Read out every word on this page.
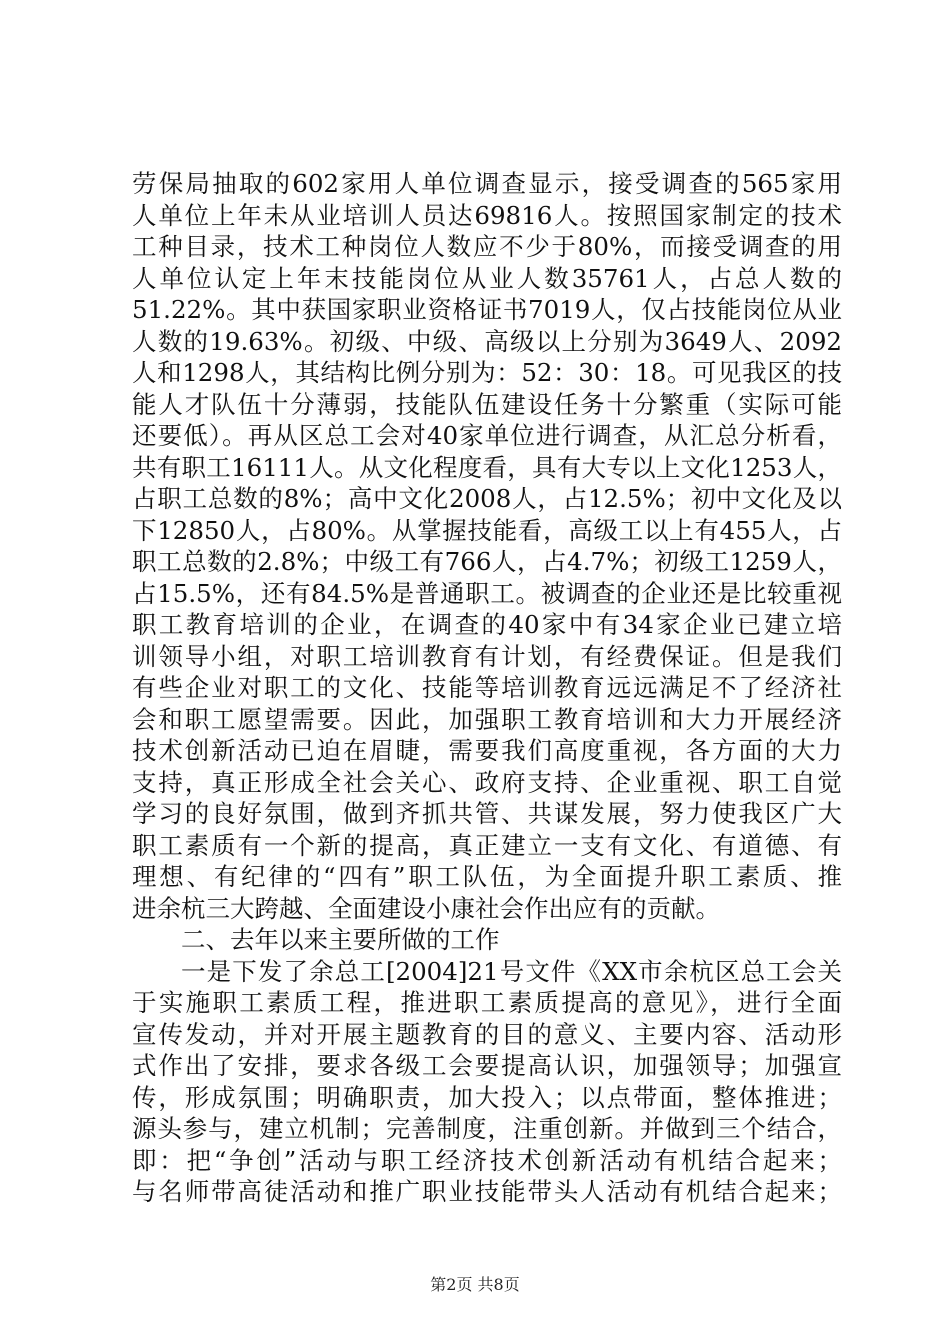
劳保局抽取的602家用人单位调查显示，接受调查的565家用
人单位上年未从业培训人员达69816人。按照国家制定的技术
工种目录，技术工种岗位人数应不少于80%，而接受调查的用
人单位认定上年末技能岗位从业人数35761人，占总人数的
51.22%。其中获国家职业资格证书7019人，仅占技能岗位从业
人数的19.63%。初级、中级、高级以上分别为3649人、2092
人和1298人，其结构比例分别为：52：30：18。可见我区的技
能人才队伍十分薄弱，技能队伍建设任务十分繁重（实际可能
还要低）。再从区总工会对40家单位进行调查，从汇总分析看，
共有职工16111人。从文化程度看，具有大专以上文化1253人，
占职工总数的8%；高中文化2008人，占12.5%；初中文化及以
下12850人，占80%。从掌握技能看，高级工以上有455人，占
职工总数的2.8%；中级工有766人，占4.7%；初级工1259人，
占15.5%，还有84.5%是普通职工。被调查的企业还是比较重视
职工教育培训的企业，在调查的40家中有34家企业已建立培
训领导小组，对职工培训教育有计划，有经费保证。但是我们
有些企业对职工的文化、技能等培训教育远远满足不了经济社
会和职工愿望需要。因此，加强职工教育培训和大力开展经济
技术创新活动已迫在眉睫，需要我们高度重视，各方面的大力
支持，真正形成全社会关心、政府支持、企业重视、职工自觉
学习的良好氛围，做到齐抓共管、共谋发展，努力使我区广大
职工素质有一个新的提高，真正建立一支有文化、有道德、有
理想、有纪律的“四有”职工队伍，为全面提升职工素质、推
进余杭三大跨越、全面建设小康社会作出应有的贡献。
二、去年以来主要所做的工作
一是下发了余总工[2004]21号文件《XX市余杭区总工会关
于实施职工素质工程，推进职工素质提高的意见》，进行全面
宣传发动，并对开展主题教育的目的意义、主要内容、活动形
式作出了安排，要求各级工会要提高认识，加强领导；加强宣
传，形成氛围；明确职责，加大投入；以点带面，整体推进；
源头参与，建立机制；完善制度，注重创新。并做到三个结合，
即：把“争创”活动与职工经济技术创新活动有机结合起来；
与名师带高徒活动和推广职业技能带头人活动有机结合起来；
第2页 共8页
